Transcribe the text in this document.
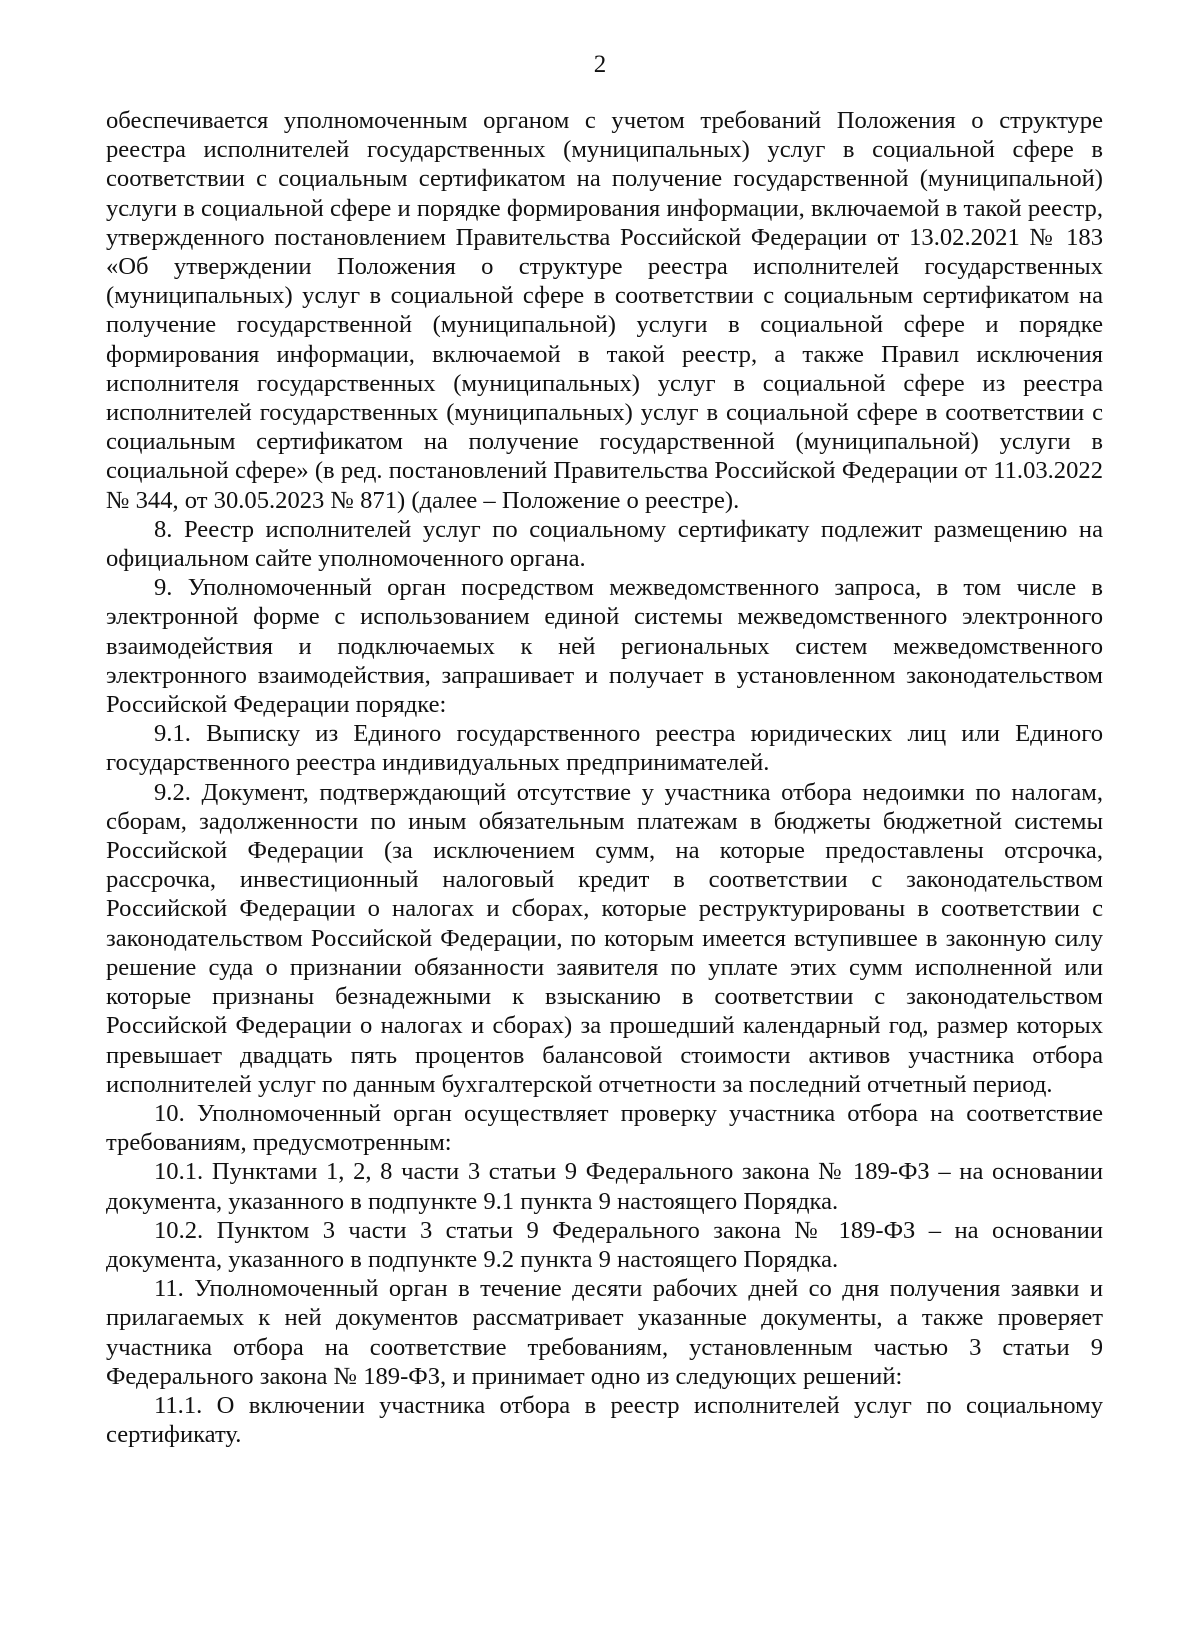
2

обеспечивается уполномоченным органом с учетом требований Положения о структуре реестра исполнителей государственных (муниципальных) услуг в социальной сфере в соответствии с социальным сертификатом на получение государственной (муниципальной) услуги в социальной сфере и порядке формирования информации, включаемой в такой реестр, утвержденного постановлением Правительства Российской Федерации от 13.02.2021 № 183 «Об утверждении Положения о структуре реестра исполнителей государственных (муниципальных) услуг в социальной сфере в соответствии с социальным сертификатом на получение государственной (муниципальной) услуги в социальной сфере и порядке формирования информации, включаемой в такой реестр, а также Правил исключения исполнителя государственных (муниципальных) услуг в социальной сфере из реестра исполнителей государственных (муниципальных) услуг в социальной сфере в соответствии с социальным сертификатом на получение государственной (муниципальной) услуги в социальной сфере» (в ред. постановлений Правительства Российской Федерации от 11.03.2022 № 344, от 30.05.2023 № 871) (далее – Положение о реестре).

8. Реестр исполнителей услуг по социальному сертификату подлежит размещению на официальном сайте уполномоченного органа.

9. Уполномоченный орган посредством межведомственного запроса, в том числе в электронной форме с использованием единой системы межведомственного электронного взаимодействия и подключаемых к ней региональных систем межведомственного электронного взаимодействия, запрашивает и получает в установленном законодательством Российской Федерации порядке:

9.1. Выписку из Единого государственного реестра юридических лиц или Единого государственного реестра индивидуальных предпринимателей.

9.2. Документ, подтверждающий отсутствие у участника отбора недоимки по налогам, сборам, задолженности по иным обязательным платежам в бюджеты бюджетной системы Российской Федерации (за исключением сумм, на которые предоставлены отсрочка, рассрочка, инвестиционный налоговый кредит в соответствии с законодательством Российской Федерации о налогах и сборах, которые реструктурированы в соответствии с законодательством Российской Федерации, по которым имеется вступившее в законную силу решение суда о признании обязанности заявителя по уплате этих сумм исполненной или которые признаны безнадежными к взысканию в соответствии с законодательством Российской Федерации о налогах и сборах) за прошедший календарный год, размер которых превышает двадцать пять процентов балансовой стоимости активов участника отбора исполнителей услуг по данным бухгалтерской отчетности за последний отчетный период.

10. Уполномоченный орган осуществляет проверку участника отбора на соответствие требованиям, предусмотренным:

10.1. Пунктами 1, 2, 8 части 3 статьи 9 Федерального закона № 189-ФЗ – на основании документа, указанного в подпункте 9.1 пункта 9 настоящего Порядка.

10.2. Пунктом 3 части 3 статьи 9 Федерального закона № 189-ФЗ – на основании документа, указанного в подпункте 9.2 пункта 9 настоящего Порядка.

11. Уполномоченный орган в течение десяти рабочих дней со дня получения заявки и прилагаемых к ней документов рассматривает указанные документы, а также проверяет участника отбора на соответствие требованиям, установленным частью 3 статьи 9 Федерального закона № 189-ФЗ, и принимает одно из следующих решений:

11.1. О включении участника отбора в реестр исполнителей услуг по социальному сертификату.
